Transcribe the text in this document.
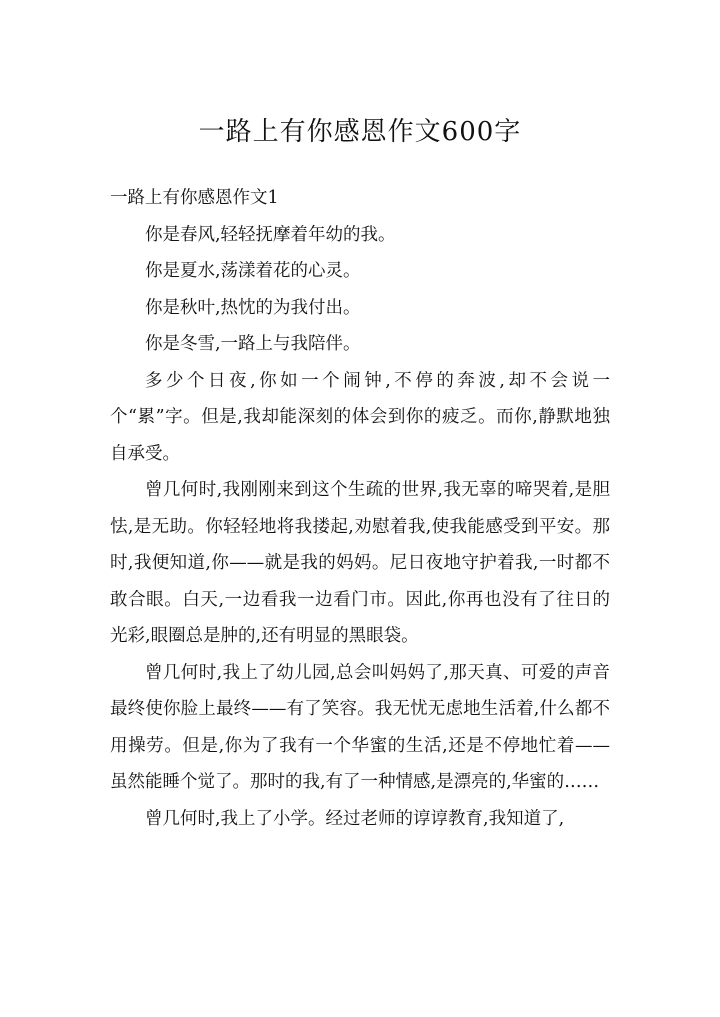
一路上有你感恩作文600字
一路上有你感恩作文1

你是春风,轻轻抚摩着年幼的我。

你是夏水,荡漾着花的心灵。

你是秋叶,热忱的为我付出。

你是冬雪,一路上与我陪伴。

多少个日夜,你如一个闹钟,不停的奔波,却不会说一个“累”字。但是,我却能深刻的体会到你的疲乏。而你,静默地独自承受。

曾几何时,我刚刚来到这个生疏的世界,我无辜的啼哭着,是胆怯,是无助。你轻轻地将我搂起,劝慰着我,使我能感受到平安。那时,我便知道,你——就是我的妈妈。尼日夜地守护着我,一时都不敢合眼。白天,一边看我一边看门市。因此,你再也没有了往日的光彩,眼圈总是肿的,还有明显的黑眼袋。

曾几何时,我上了幼儿园,总会叫妈妈了,那天真、可爱的声音最终使你脸上最终——有了笑容。我无忧无虑地生活着,什么都不用操劳。但是,你为了我有一个华蜜的生活,还是不停地忙着——虽然能睡个觉了。那时的我,有了一种情感,是漂亮的,华蜜的……

曾几何时,我上了小学。经过老师的谆谆教育,我知道了,
